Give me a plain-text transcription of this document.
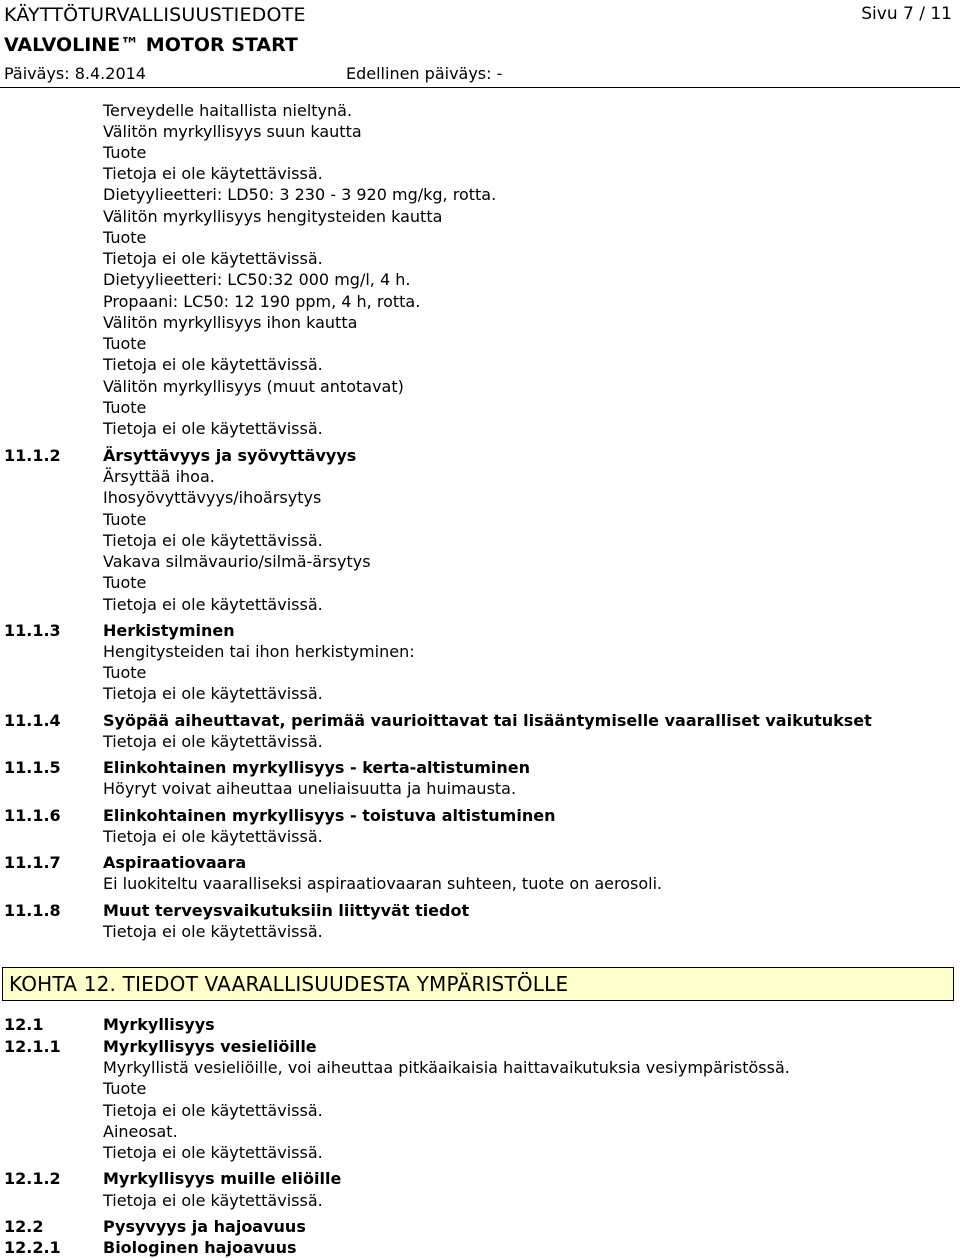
KÄYTTÖTURVALLISUUSTIEDOTE	Sivu 7 / 11
VALVOLINE™ MOTOR START
Päiväys: 8.4.2014	Edellinen päiväys: -
Terveydelle haitallista nieltynä.
Välitön myrkyllisyys suun kautta
Tuote
Tietoja ei ole käytettävissä.
Dietyylieetteri: LD50: 3 230 - 3 920 mg/kg, rotta.
Välitön myrkyllisyys hengitysteiden kautta
Tuote
Tietoja ei ole käytettävissä.
Dietyylieetteri: LC50:32 000 mg/l, 4 h.
Propaani: LC50: 12 190 ppm, 4 h, rotta.
Välitön myrkyllisyys ihon kautta
Tuote
Tietoja ei ole käytettävissä.
Välitön myrkyllisyys (muut antotavat)
Tuote
Tietoja ei ole käytettävissä.
11.1.2	Ärsyttävyys ja syövyttävyys
Ärsyttää ihoa.
Ihosyövyttävyys/ihoärsytys
Tuote
Tietoja ei ole käytettävissä.
Vakava silmävaurio/silmä-ärsytys
Tuote
Tietoja ei ole käytettävissä.
11.1.3	Herkistyminen
Hengitysteiden tai ihon herkistyminen:
Tuote
Tietoja ei ole käytettävissä.
11.1.4	Syöpää aiheuttavat, perimää vaurioittavat tai lisääntymiselle vaaralliset vaikutukset
Tietoja ei ole käytettävissä.
11.1.5	Elinkohtainen myrkyllisyys - kerta-altistuminen
Höyryt voivat aiheuttaa uneliaisuutta ja huimausta.
11.1.6	Elinkohtainen myrkyllisyys - toistuva altistuminen
Tietoja ei ole käytettävissä.
11.1.7	Aspiraatiovaara
Ei luokiteltu vaaralliseksi aspiraatiovaaran suhteen, tuote on aerosoli.
11.1.8	Muut terveysvaikutuksiin liittyvät tiedot
Tietoja ei ole käytettävissä.
KOHTA 12. TIEDOT VAARALLISUUDESTA YMPÄRISTÖLLE
12.1	Myrkyllisyys
12.1.1	Myrkyllisyys vesieliöille
Myrkyllistä vesieliöille, voi aiheuttaa pitkäaikaisia haittavaikutuksia vesiympäristössä.
Tuote
Tietoja ei ole käytettävissä.
Aineosat.
Tietoja ei ole käytettävissä.
12.1.2	Myrkyllisyys muille eliöille
Tietoja ei ole käytettävissä.
12.2	Pysyvyys ja hajoavuus
12.2.1	Biologinen hajoavuus
